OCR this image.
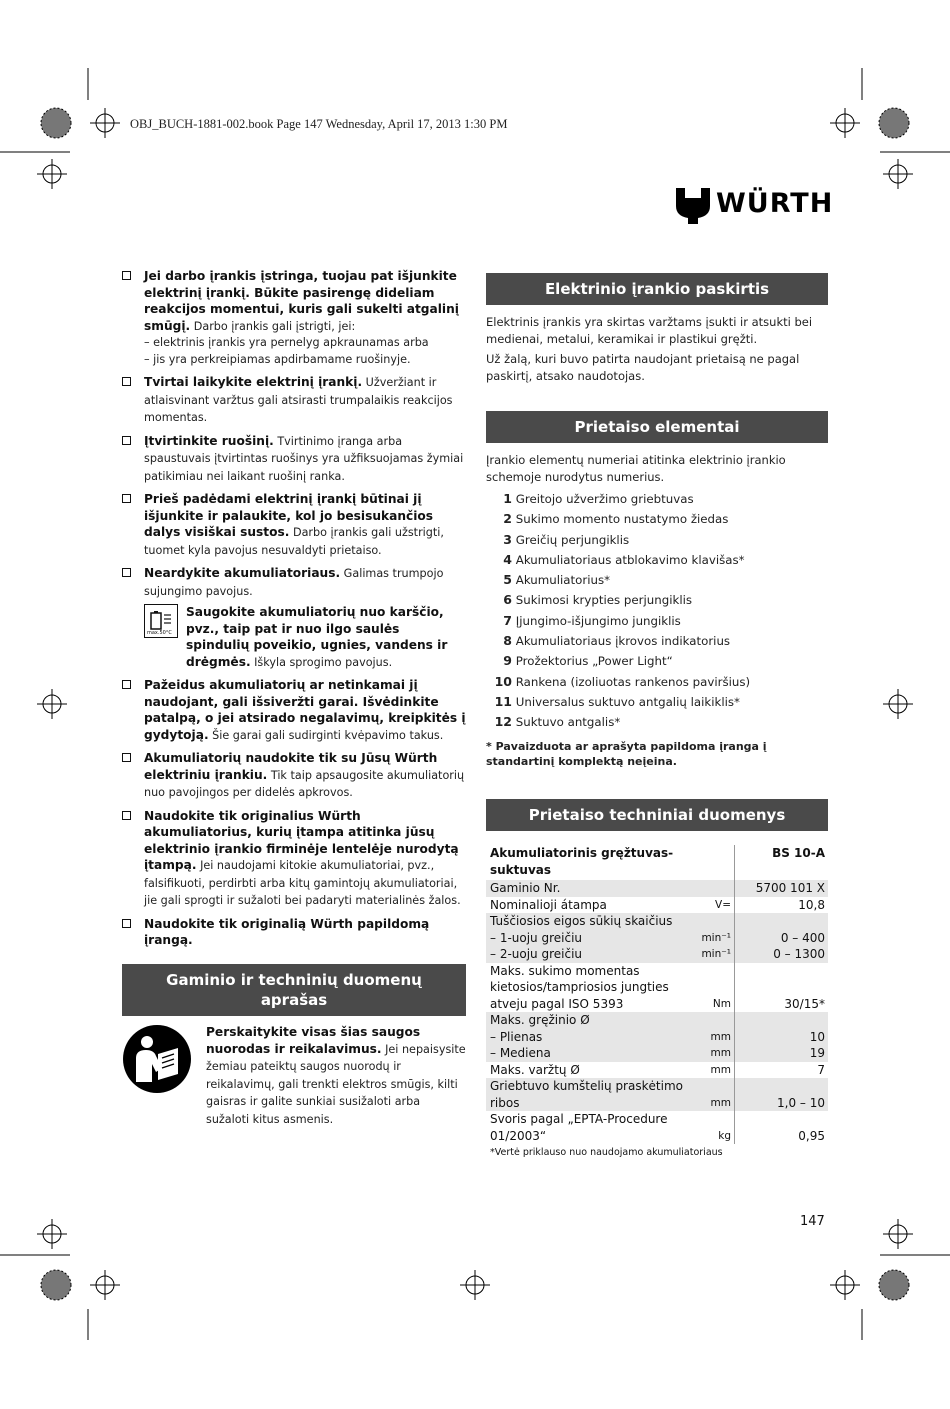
OBJ_BUCH-1881-002.book Page 147 Wednesday, April 17, 2013 1:30 PM
WÜRTH
Jei darbo įrankis įstringa, tuojau pat išjunkite elektrinį įrankį. Būkite pasirengę dideliam reakcijos momentui, kuris gali sukelti atgalinį smūgį. Darbo įrankis gali įstrigti, jei:
– elektrinis įrankis yra pernelyg apkraunamas arba
– jis yra perkreipiamas apdirbamame ruošinyje.
Tvirtai laikykite elektrinį įrankį. Užveržiant ir atlaisvinant varžtus gali atsirasti trumpalaikis reakcijos momentas.
Įtvirtinkite ruošinį. Tvirtinimo įranga arba spaustuvais įtvirtintas ruošinys yra užfiksuojamas žymiai patikimiau nei laikant ruošinį ranka.
Prieš padėdami elektrinį įrankį būtinai jį išjunkite ir palaukite, kol jo besisukančios dalys visiškai sustos. Darbo įrankis gali užstrigti, tuomet kyla pavojus nesuvaldyti prietaiso.
Neardykite akumuliatoriaus. Galimas trumpojo sujungimo pavojus.
max.50°C
Saugokite akumuliatorių nuo karščio, pvz., taip pat ir nuo ilgo saulės spindulių poveikio, ugnies, vandens ir drėgmės. Iškyla sprogimo pavojus.
Pažeidus akumuliatorių ar netinkamai jį naudojant, gali išsiveržti garai. Išvėdinkite patalpą, o jei atsirado negalavimų, kreipkitės į gydytoją. Šie garai gali sudirginti kvėpavimo takus.
Akumuliatorių naudokite tik su Jūsų Würth elektriniu įrankiu. Tik taip apsaugosite akumuliatorių nuo pavojingos per didelės apkrovos.
Naudokite tik originalius Würth akumuliatorius, kurių įtampa atitinka jūsų elektrinio įrankio firminėje lentelėje nurodytą įtampą. Jei naudojami kitokie akumuliatoriai, pvz., falsifikuoti, perdirbti arba kitų gamintojų akumuliatoriai, jie gali sprogti ir sužaloti bei padaryti materialinės žalos.
Naudokite tik originalią Würth papildomą įrangą.
Gaminio ir techninių duomenų aprašas
Perskaitykite visas šias saugos nuorodas ir reikalavimus. Jei nepaisysite žemiau pateiktų saugos nuorodų ir reikalavimų, gali trenkti elektros smūgis, kilti gaisras ir galite sunkiai susižaloti arba sužaloti kitus asmenis.
Elektrinio įrankio paskirtis
Elektrinis įrankis yra skirtas varžtams įsukti ir atsukti bei medienai, metalui, keramikai ir plastikui gręžti.
Už žalą, kuri buvo patirta naudojant prietaisą ne pagal paskirtį, atsako naudotojas.
Prietaiso elementai
Įrankio elementų numeriai atitinka elektrinio įrankio schemoje nurodytus numerius.
1 Greitojo užveržimo griebtuvas
2 Sukimo momento nustatymo žiedas
3 Greičių perjungiklis
4 Akumuliatoriaus atblokavimo klavišas*
5 Akumuliatorius*
6 Sukimosi krypties perjungiklis
7 Įjungimo-išjungimo jungiklis
8 Akumuliatoriaus įkrovos indikatorius
9 Prožektorius „Power Light“
10 Rankena (izoliuotas rankenos paviršius)
11 Universalus suktuvo antgalių laikiklis*
12 Suktuvo antgalis*
* Pavaizduota ar aprašyta papildoma įranga į standartinį komplektą neįeina.
Prietaiso techniniai duomenys
Akumuliatorinis gręžtuvas-suktuvas		BS 10-A
Gaminio Nr.		5700 101 X
Nominalioji átampa	V=	10,8
Tuščiosios eigos sūkių skaičius		
– 1-uoju greičiu	min⁻¹	0 – 400
– 2-uoju greičiu	min⁻¹	0 – 1300
Maks. sukimo momentas kietosios/tampriosios jungties atveju pagal ISO 5393	Nm	30/15*
Maks. gręžinio Ø		
– Plienas	mm	10
– Mediena	mm	19
Maks. varžtų Ø	mm	7
Griebtuvo kumštelių praskėtimo ribos	mm	1,0 – 10
Svoris pagal „EPTA-Procedure 01/2003“	kg	0,95
*Vertė priklauso nuo naudojamo akumuliatoriaus
147
